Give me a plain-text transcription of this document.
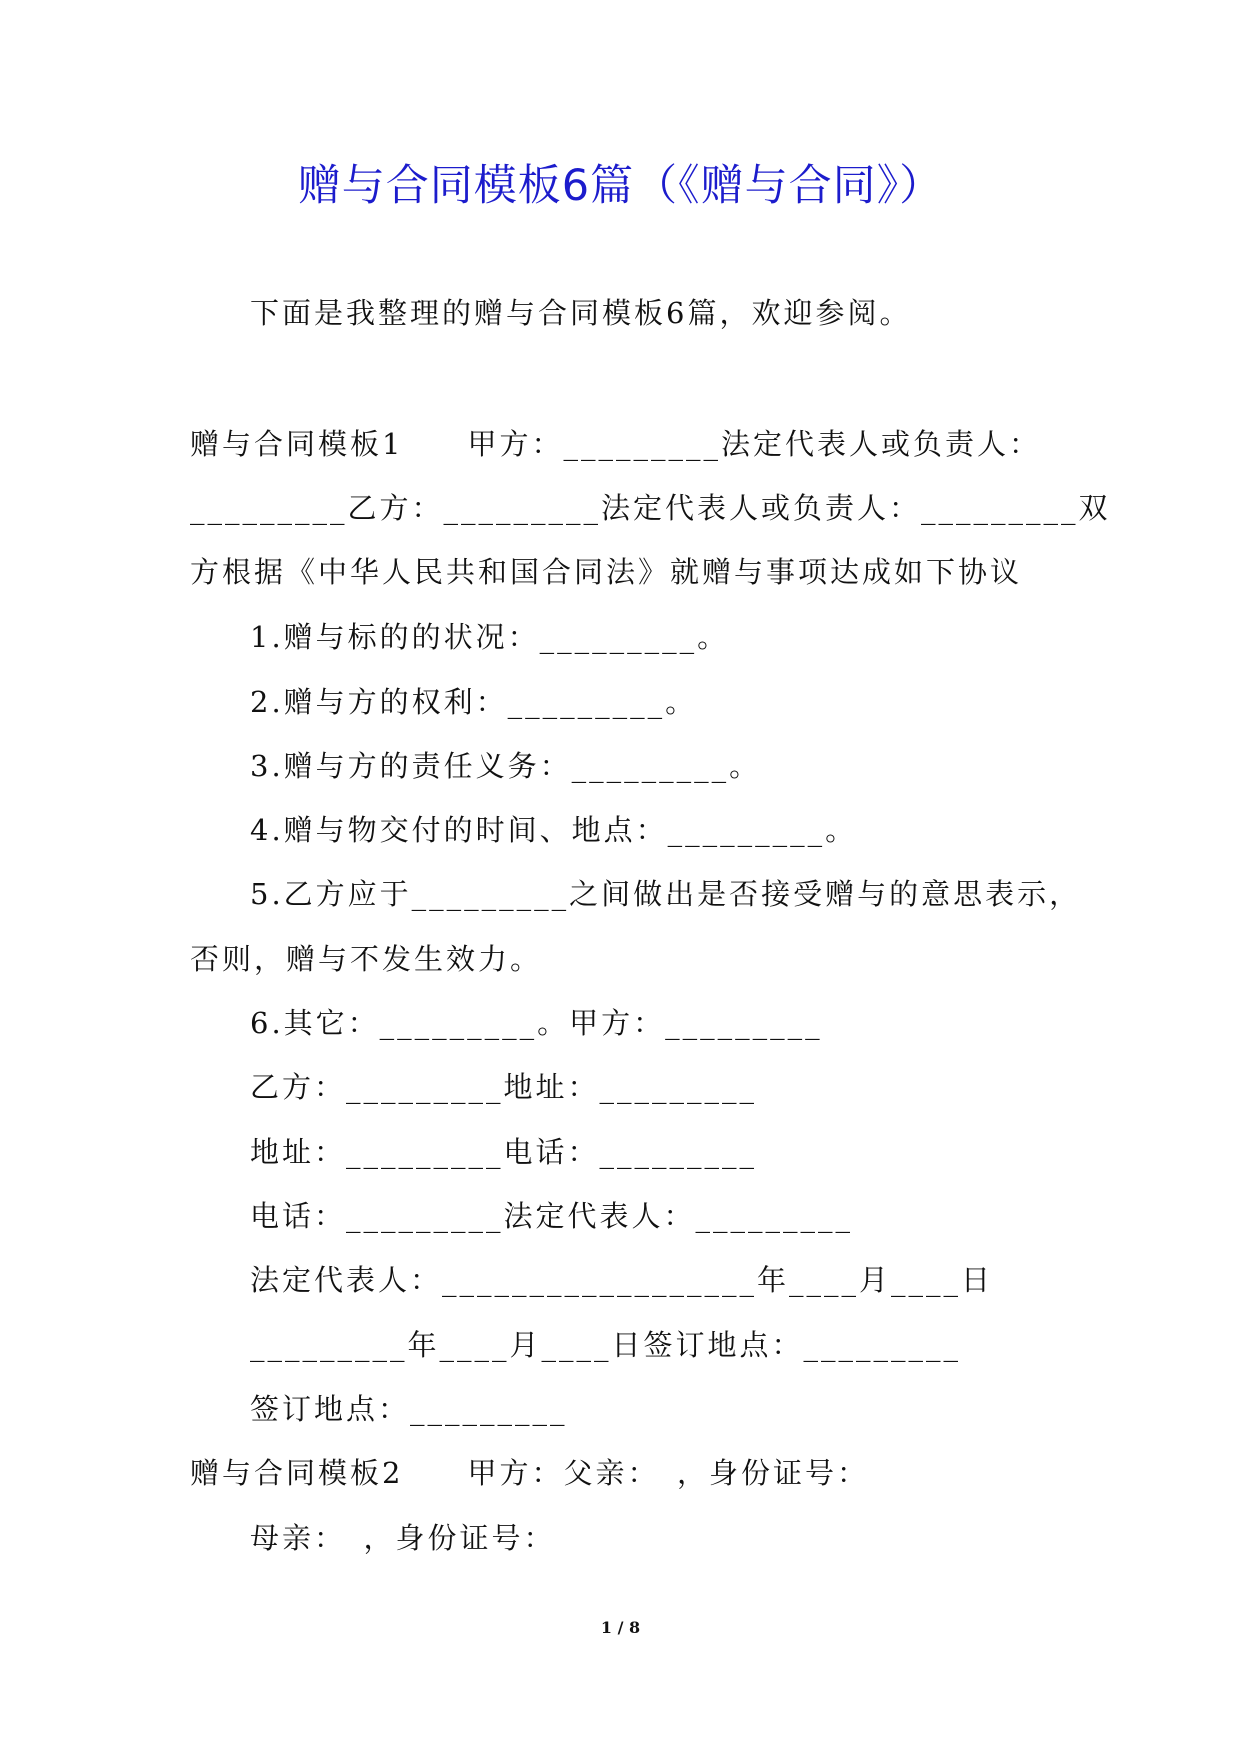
赠与合同模板6篇（《赠与合同》）
下面是我整理的赠与合同模板6篇，欢迎参阅。
赠与合同模板1　　甲方：_________法定代表人或负责人：
_________乙方：_________法定代表人或负责人：_________双
方根据《中华人民共和国合同法》就赠与事项达成如下协议
1.赠与标的的状况：_________。
2.赠与方的权利：_________。
3.赠与方的责任义务：_________。
4.赠与物交付的时间、地点：_________。
5.乙方应于_________之间做出是否接受赠与的意思表示，
否则，赠与不发生效力。
6.其它：_________。甲方：_________
乙方：_________地址：_________
地址：_________电话：_________
电话：_________法定代表人：_________
法定代表人：__________________年____月____日
_________年____月____日签订地点：_________
签订地点：_________
赠与合同模板2　　甲方：父亲：　，身份证号：
母亲：　，身份证号：
1 / 8
